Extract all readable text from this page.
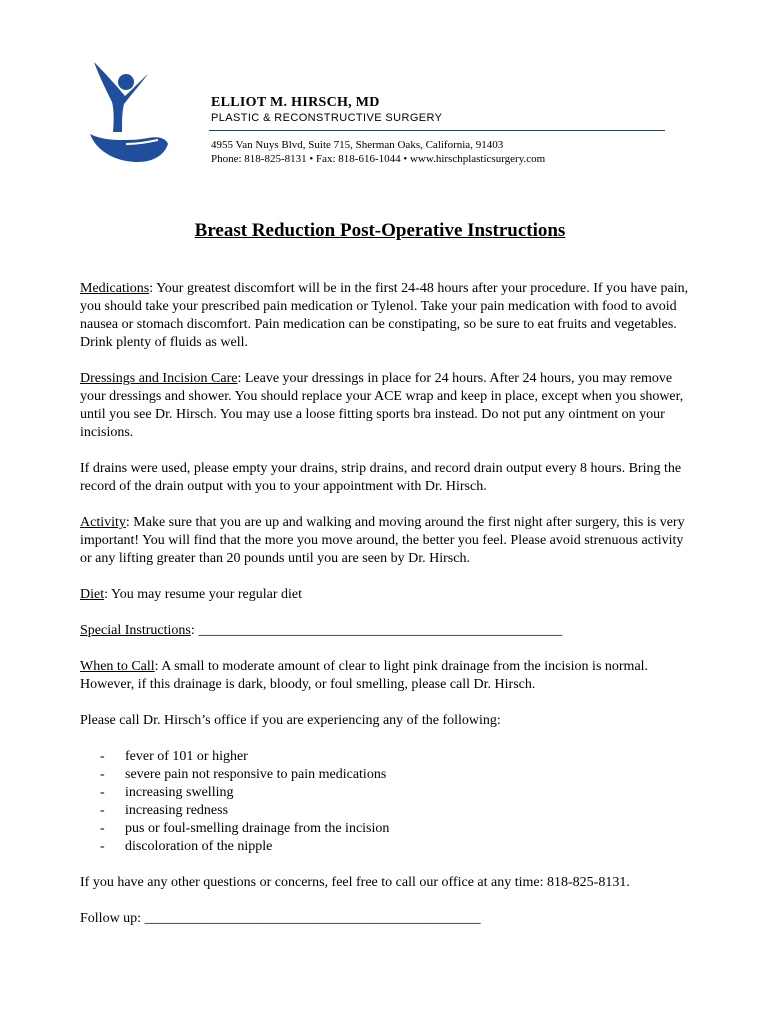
ELLIOT M. HIRSCH, MD
PLASTIC & RECONSTRUCTIVE SURGERY
4955 Van Nuys Blvd, Suite 715, Sherman Oaks, California, 91403
Phone: 818-825-8131 • Fax: 818-616-1044 • www.hirschplasticsurgery.com
Breast Reduction Post-Operative Instructions

Medications: Your greatest discomfort will be in the first 24-48 hours after your procedure. If you have pain, you should take your prescribed pain medication or Tylenol. Take your pain medication with food to avoid nausea or stomach discomfort. Pain medication can be constipating, so be sure to eat fruits and vegetables. Drink plenty of fluids as well.

Dressings and Incision Care: Leave your dressings in place for 24 hours. After 24 hours, you may remove your dressings and shower. You should replace your ACE wrap and keep in place, except when you shower, until you see Dr. Hirsch. You may use a loose fitting sports bra instead. Do not put any ointment on your incisions.

If drains were used, please empty your drains, strip drains, and record drain output every 8 hours. Bring the record of the drain output with you to your appointment with Dr. Hirsch.

Activity: Make sure that you are up and walking and moving around the first night after surgery, this is very important! You will find that the more you move around, the better you feel. Please avoid strenuous activity or any lifting greater than 20 pounds until you are seen by Dr. Hirsch.

Diet: You may resume your regular diet

Special Instructions: ____________________________________________________

When to Call: A small to moderate amount of clear to light pink drainage from the incision is normal. However, if this drainage is dark, bloody, or foul smelling, please call Dr. Hirsch.

Please call Dr. Hirsch’s office if you are experiencing any of the following:

- fever of 101 or higher
- severe pain not responsive to pain medications
- increasing swelling
- increasing redness
- pus or foul-smelling drainage from the incision
- discoloration of the nipple

If you have any other questions or concerns, feel free to call our office at any time: 818-825-8131.

Follow up: ________________________________________________
